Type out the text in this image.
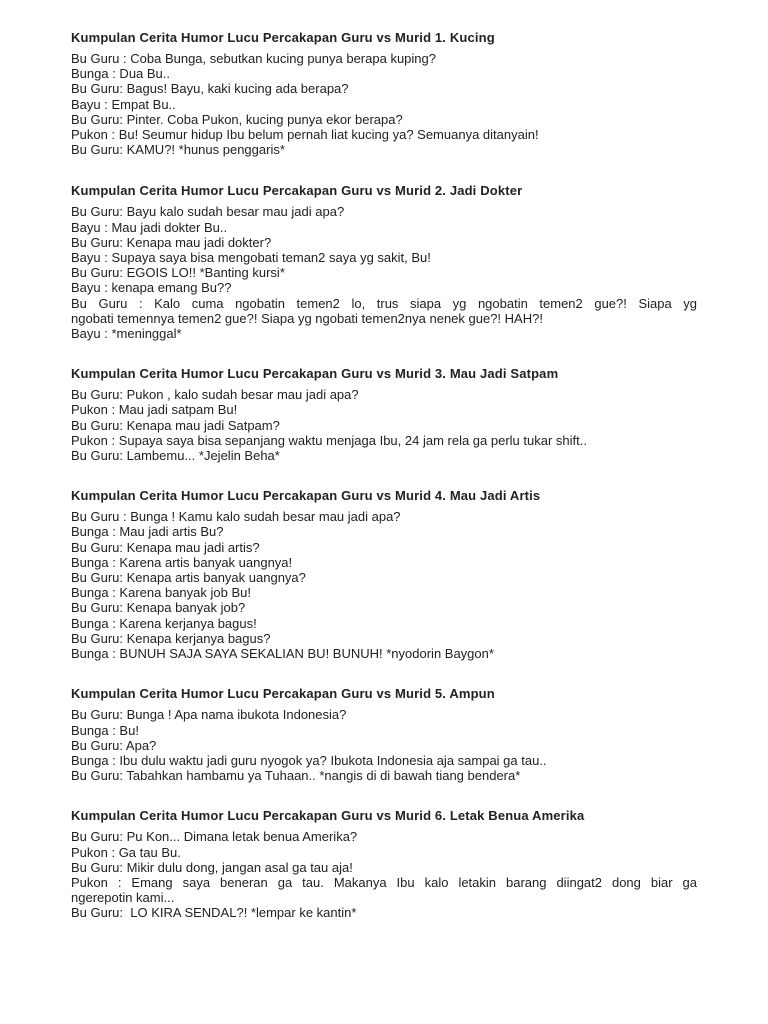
Kumpulan Cerita Humor Lucu Percakapan Guru vs Murid 1. Kucing
Bu Guru : Coba Bunga, sebutkan kucing punya berapa kuping?
Bunga : Dua Bu..
Bu Guru: Bagus! Bayu, kaki kucing ada berapa?
Bayu : Empat Bu..
Bu Guru: Pinter. Coba Pukon, kucing punya ekor berapa?
Pukon : Bu! Seumur hidup Ibu belum pernah liat kucing ya? Semuanya ditanyain!
Bu Guru: KAMU?! *hunus penggaris*
Kumpulan Cerita Humor Lucu Percakapan Guru vs Murid 2. Jadi Dokter
Bu Guru: Bayu kalo sudah besar mau jadi apa?
Bayu : Mau jadi dokter Bu..
Bu Guru: Kenapa mau jadi dokter?
Bayu : Supaya saya bisa mengobati teman2 saya yg sakit, Bu!
Bu Guru: EGOIS LO!! *Banting kursi*
Bayu : kenapa emang Bu??
Bu Guru : Kalo cuma ngobatin temen2 lo, trus siapa yg ngobatin temen2 gue?! Siapa yg
ngobati temennya temen2 gue?! Siapa yg ngobati temen2nya nenek gue?! HAH?!
Bayu : *meninggal*
Kumpulan Cerita Humor Lucu Percakapan Guru vs Murid 3. Mau Jadi Satpam
Bu Guru: Pukon , kalo sudah besar mau jadi apa?
Pukon : Mau jadi satpam Bu!
Bu Guru: Kenapa mau jadi Satpam?
Pukon : Supaya saya bisa sepanjang waktu menjaga Ibu, 24 jam rela ga perlu tukar shift..
Bu Guru: Lambemu... *Jejelin Beha*
Kumpulan Cerita Humor Lucu Percakapan Guru vs Murid 4. Mau Jadi Artis
Bu Guru : Bunga ! Kamu kalo sudah besar mau jadi apa?
Bunga : Mau jadi artis Bu?
Bu Guru: Kenapa mau jadi artis?
Bunga : Karena artis banyak uangnya!
Bu Guru: Kenapa artis banyak uangnya?
Bunga : Karena banyak job Bu!
Bu Guru: Kenapa banyak job?
Bunga : Karena kerjanya bagus!
Bu Guru: Kenapa kerjanya bagus?
Bunga : BUNUH SAJA SAYA SEKALIAN BU! BUNUH! *nyodorin Baygon*
Kumpulan Cerita Humor Lucu Percakapan Guru vs Murid 5. Ampun
Bu Guru: Bunga ! Apa nama ibukota Indonesia?
Bunga : Bu!
Bu Guru: Apa?
Bunga : Ibu dulu waktu jadi guru nyogok ya? Ibukota Indonesia aja sampai ga tau..
Bu Guru: Tabahkan hambamu ya Tuhaan.. *nangis di di bawah tiang bendera*
Kumpulan Cerita Humor Lucu Percakapan Guru vs Murid 6. Letak Benua Amerika
Bu Guru: Pu Kon... Dimana letak benua Amerika?
Pukon : Ga tau Bu.
Bu Guru: Mikir dulu dong, jangan asal ga tau aja!
Pukon : Emang saya beneran ga tau. Makanya Ibu kalo letakin barang diingat2 dong biar ga
ngerepotin kami...
Bu Guru:  LO KIRA SENDAL?! *lempar ke kantin*
